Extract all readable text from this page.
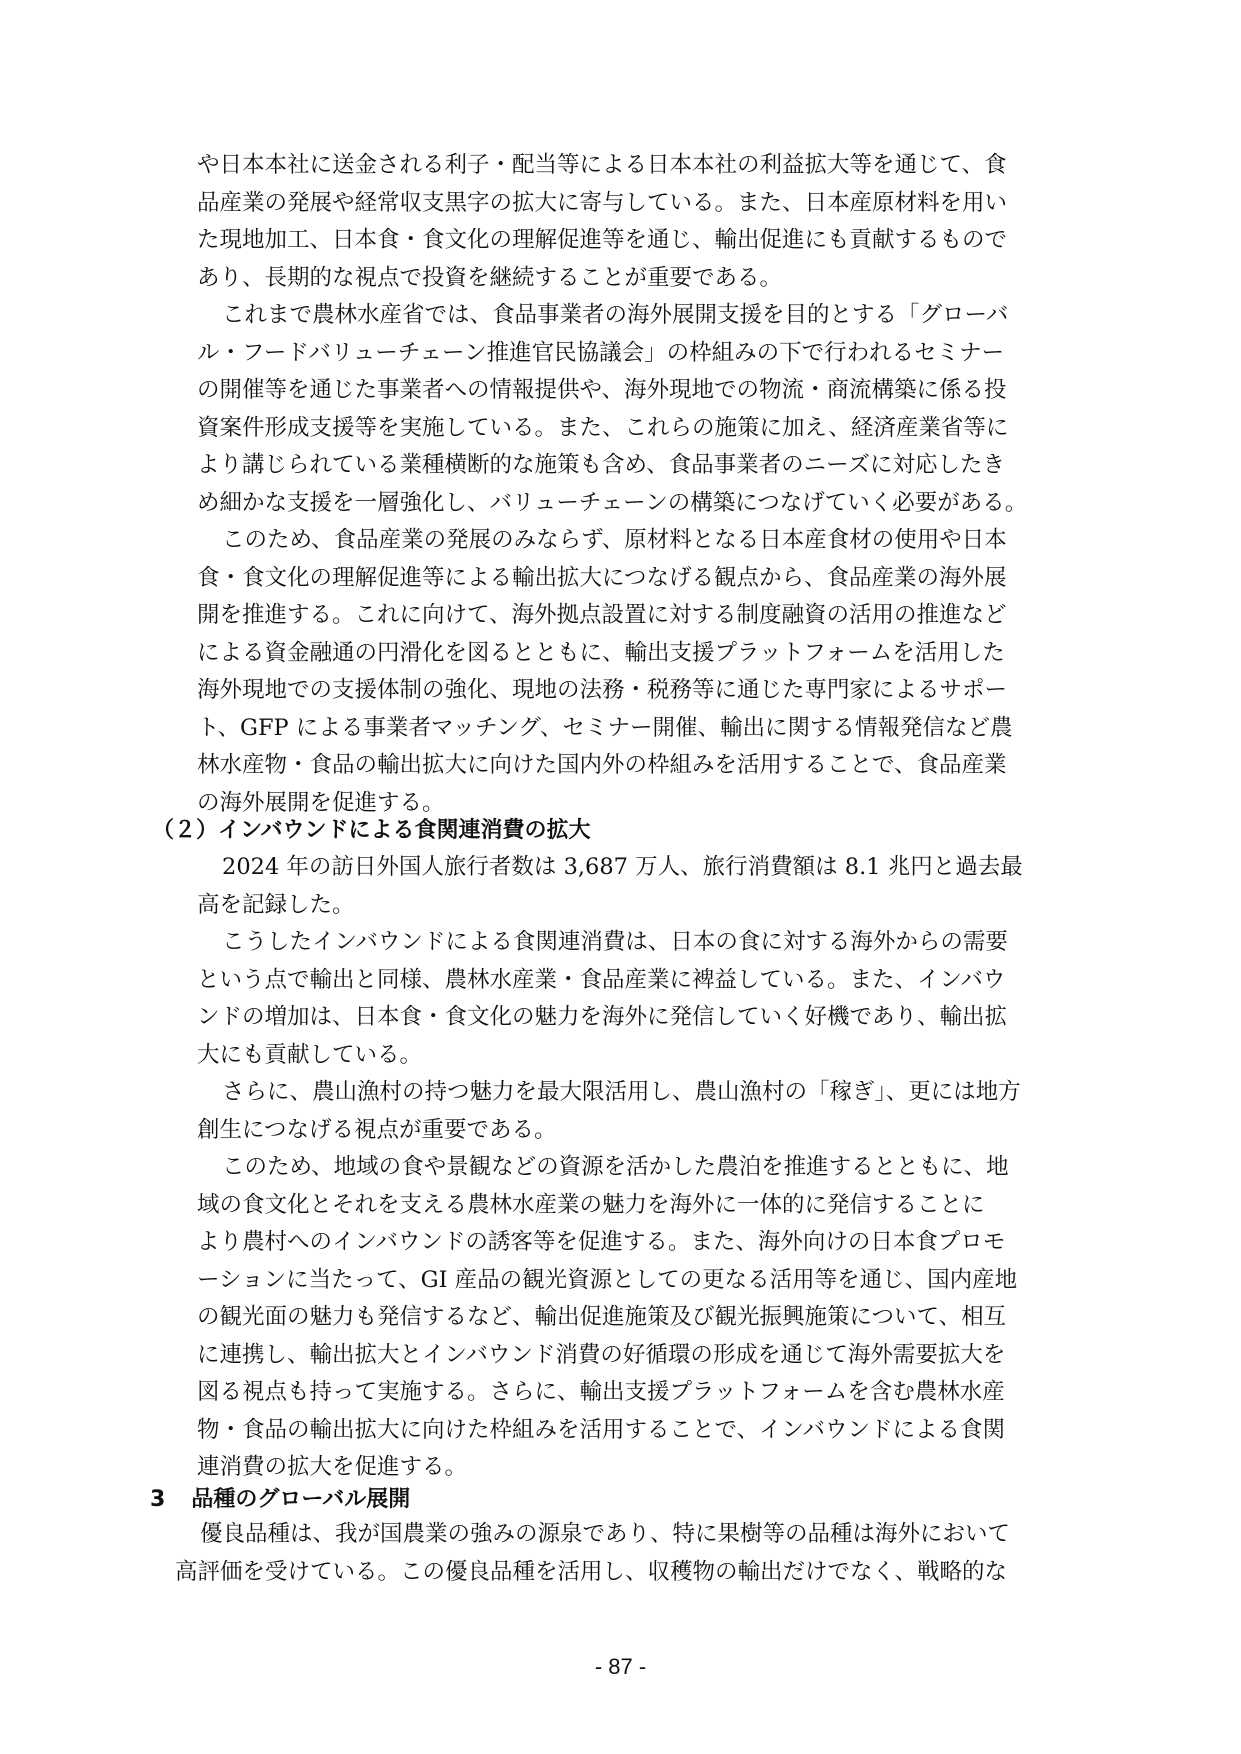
や日本本社に送金される利子・配当等による日本本社の利益拡大等を通じて、食
品産業の発展や経常収支黒字の拡大に寄与している。また、日本産原材料を用い
た現地加工、日本食・食文化の理解促進等を通じ、輸出促進にも貢献するもので
あり、長期的な視点で投資を継続することが重要である。
これまで農林水産省では、食品事業者の海外展開支援を目的とする「グローバ
ル・フードバリューチェーン推進官民協議会」の枠組みの下で行われるセミナー
の開催等を通じた事業者への情報提供や、海外現地での物流・商流構築に係る投
資案件形成支援等を実施している。また、これらの施策に加え、経済産業省等に
より講じられている業種横断的な施策も含め、食品事業者のニーズに対応したき
め細かな支援を一層強化し、バリューチェーンの構築につなげていく必要がある。
このため、食品産業の発展のみならず、原材料となる日本産食材の使用や日本
食・食文化の理解促進等による輸出拡大につなげる観点から、食品産業の海外展
開を推進する。これに向けて、海外拠点設置に対する制度融資の活用の推進など
による資金融通の円滑化を図るとともに、輸出支援プラットフォームを活用した
海外現地での支援体制の強化、現地の法務・税務等に通じた専門家によるサポー
ト、GFP による事業者マッチング、セミナー開催、輸出に関する情報発信など農
林水産物・食品の輸出拡大に向けた国内外の枠組みを活用することで、食品産業
の海外展開を促進する。
（２）インバウンドによる食関連消費の拡大
2024 年の訪日外国人旅行者数は 3,687 万人、旅行消費額は 8.1 兆円と過去最
高を記録した。
こうしたインバウンドによる食関連消費は、日本の食に対する海外からの需要
という点で輸出と同様、農林水産業・食品産業に裨益している。また、インバウ
ンドの増加は、日本食・食文化の魅力を海外に発信していく好機であり、輸出拡
大にも貢献している。
さらに、農山漁村の持つ魅力を最大限活用し、農山漁村の「稼ぎ」、更には地方
創生につなげる視点が重要である。
このため、地域の食や景観などの資源を活かした農泊を推進するとともに、地
域の食文化とそれを支える農林水産業の魅力を海外に一体的に発信することに
より農村へのインバウンドの誘客等を促進する。また、海外向けの日本食プロモ
ーションに当たって、GI 産品の観光資源としての更なる活用等を通じ、国内産地
の観光面の魅力も発信するなど、輸出促進施策及び観光振興施策について、相互
に連携し、輸出拡大とインバウンド消費の好循環の形成を通じて海外需要拡大を
図る視点も持って実施する。さらに、輸出支援プラットフォームを含む農林水産
物・食品の輸出拡大に向けた枠組みを活用することで、インバウンドによる食関
連消費の拡大を促進する。
3 品種のグローバル展開
優良品種は、我が国農業の強みの源泉であり、特に果樹等の品種は海外において
高評価を受けている。この優良品種を活用し、収穫物の輸出だけでなく、戦略的な
- 87 -
